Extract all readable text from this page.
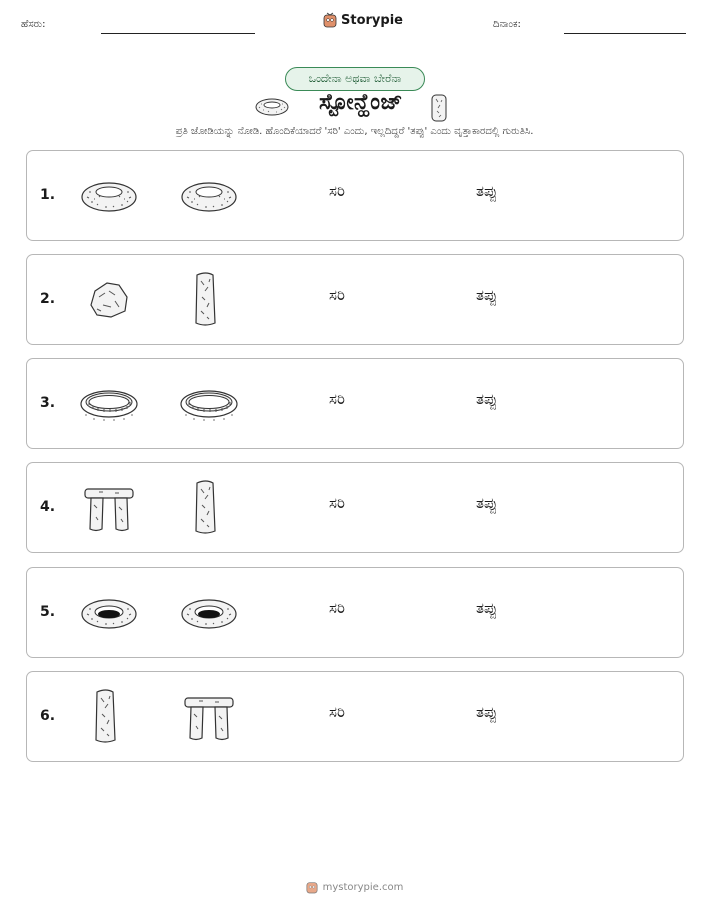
ಹೆಸರು:	Storypie	ದಿನಾಂಕ:
ಒಂದೇನಾ ಅಥವಾ ಬೇರೆನಾ
ಸ್ಟೋನ್ಹೆಂಜ್
ಪ್ರತಿ ಜೋಡಿಯನ್ನು ನೋಡಿ. ಹೊಂದಿಕೆಯಾದರೆ 'ಸರಿ' ಎಂದು, ಇಲ್ಲದಿದ್ದರೆ 'ತಪ್ಪು' ಎಂದು ವೃತ್ತಾಕಾರದಲ್ಲಿ ಗುರುತಿಸಿ.
1.	ಸರಿ	ತಪ್ಪು
2.	ಸರಿ	ತಪ್ಪು
3.	ಸರಿ	ತಪ್ಪು
4.	ಸರಿ	ತಪ್ಪು
5.	ಸರಿ	ತಪ್ಪು
6.	ಸರಿ	ತಪ್ಪು
mystorypie.com
